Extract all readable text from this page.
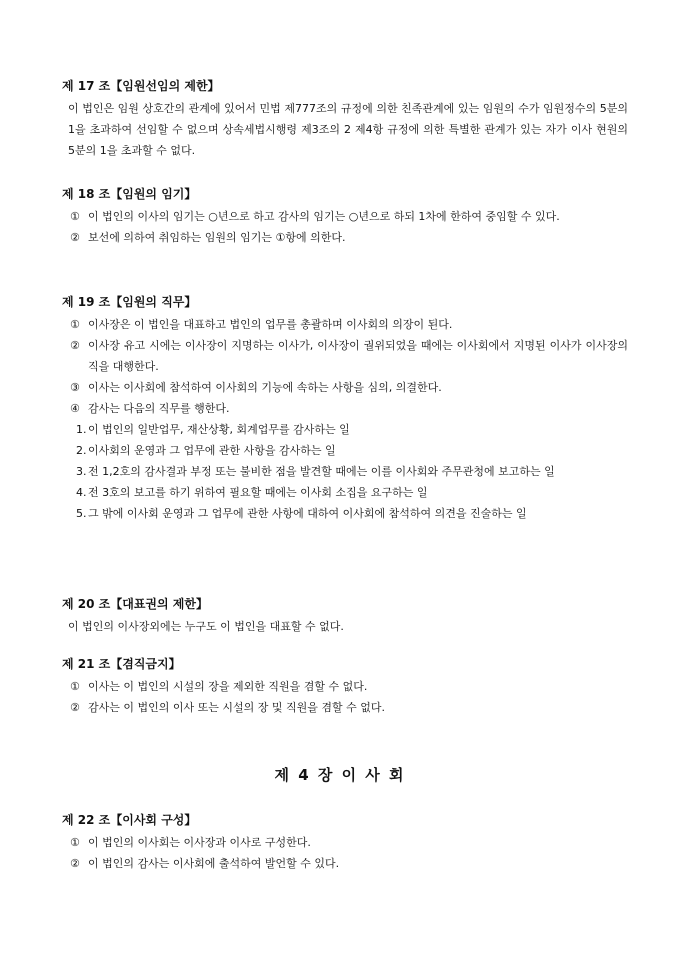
제 17 조【임원선임의 제한】

이 법인은 임원 상호간의 관계에 있어서 민법 제777조의 규정에 의한 친족관계에 있는 임원의 수가 임원정수의 5분의 1을 초과하여 선임할 수 없으며 상속세법시행령 제3조의 2 제4항 규정에 의한 특별한 관계가 있는 자가 이사 현원의 5분의 1을 초과할 수 없다.

제 18 조【임원의 임기】

① 이 법인의 이사의 임기는 ○년으로 하고 감사의 임기는 ○년으로 하되 1차에 한하여 중임할 수 있다.

② 보선에 의하여 취임하는 임원의 임기는 ①항에 의한다.

제 19 조【임원의 직무】

① 이사장은 이 법인을 대표하고 법인의 업무를 총괄하며 이사회의 의장이 된다.

② 이사장 유고 시에는 이사장이 지명하는 이사가, 이사장이 궐위되었을 때에는 이사회에서 지명된 이사가 이사장의 직을 대행한다.

③ 이사는 이사회에 참석하여 이사회의 기능에 속하는 사항을 심의, 의결한다.

④ 감사는 다음의 직무를 행한다.

1. 이 법인의 일반업무, 재산상황, 회계업무를 감사하는 일

2. 이사회의 운영과 그 업무에 관한 사항을 감사하는 일

3. 전 1,2호의 감사결과 부정 또는 불비한 점을 발견할 때에는 이를 이사회와 주무관청에 보고하는 일

4. 전 3호의 보고를 하기 위하여 필요할 때에는 이사회 소집을 요구하는 일

5. 그 밖에 이사회 운영과 그 업무에 관한 사항에 대하여 이사회에 참석하여 의견을 진술하는 일

제 20 조【대표권의 제한】

이 법인의 이사장외에는 누구도 이 법인을 대표할 수 없다.

제 21 조【겸직금지】

① 이사는 이 법인의 시설의 장을 제외한 직원을 겸할 수 없다.

② 감사는 이 법인의 이사 또는 시설의 장 및 직원을 겸할 수 없다.

제 4 장 이 사 회
제 22 조【이사회 구성】

① 이 법인의 이사회는 이사장과 이사로 구성한다.

② 이 법인의 감사는 이사회에 출석하여 발언할 수 있다.
